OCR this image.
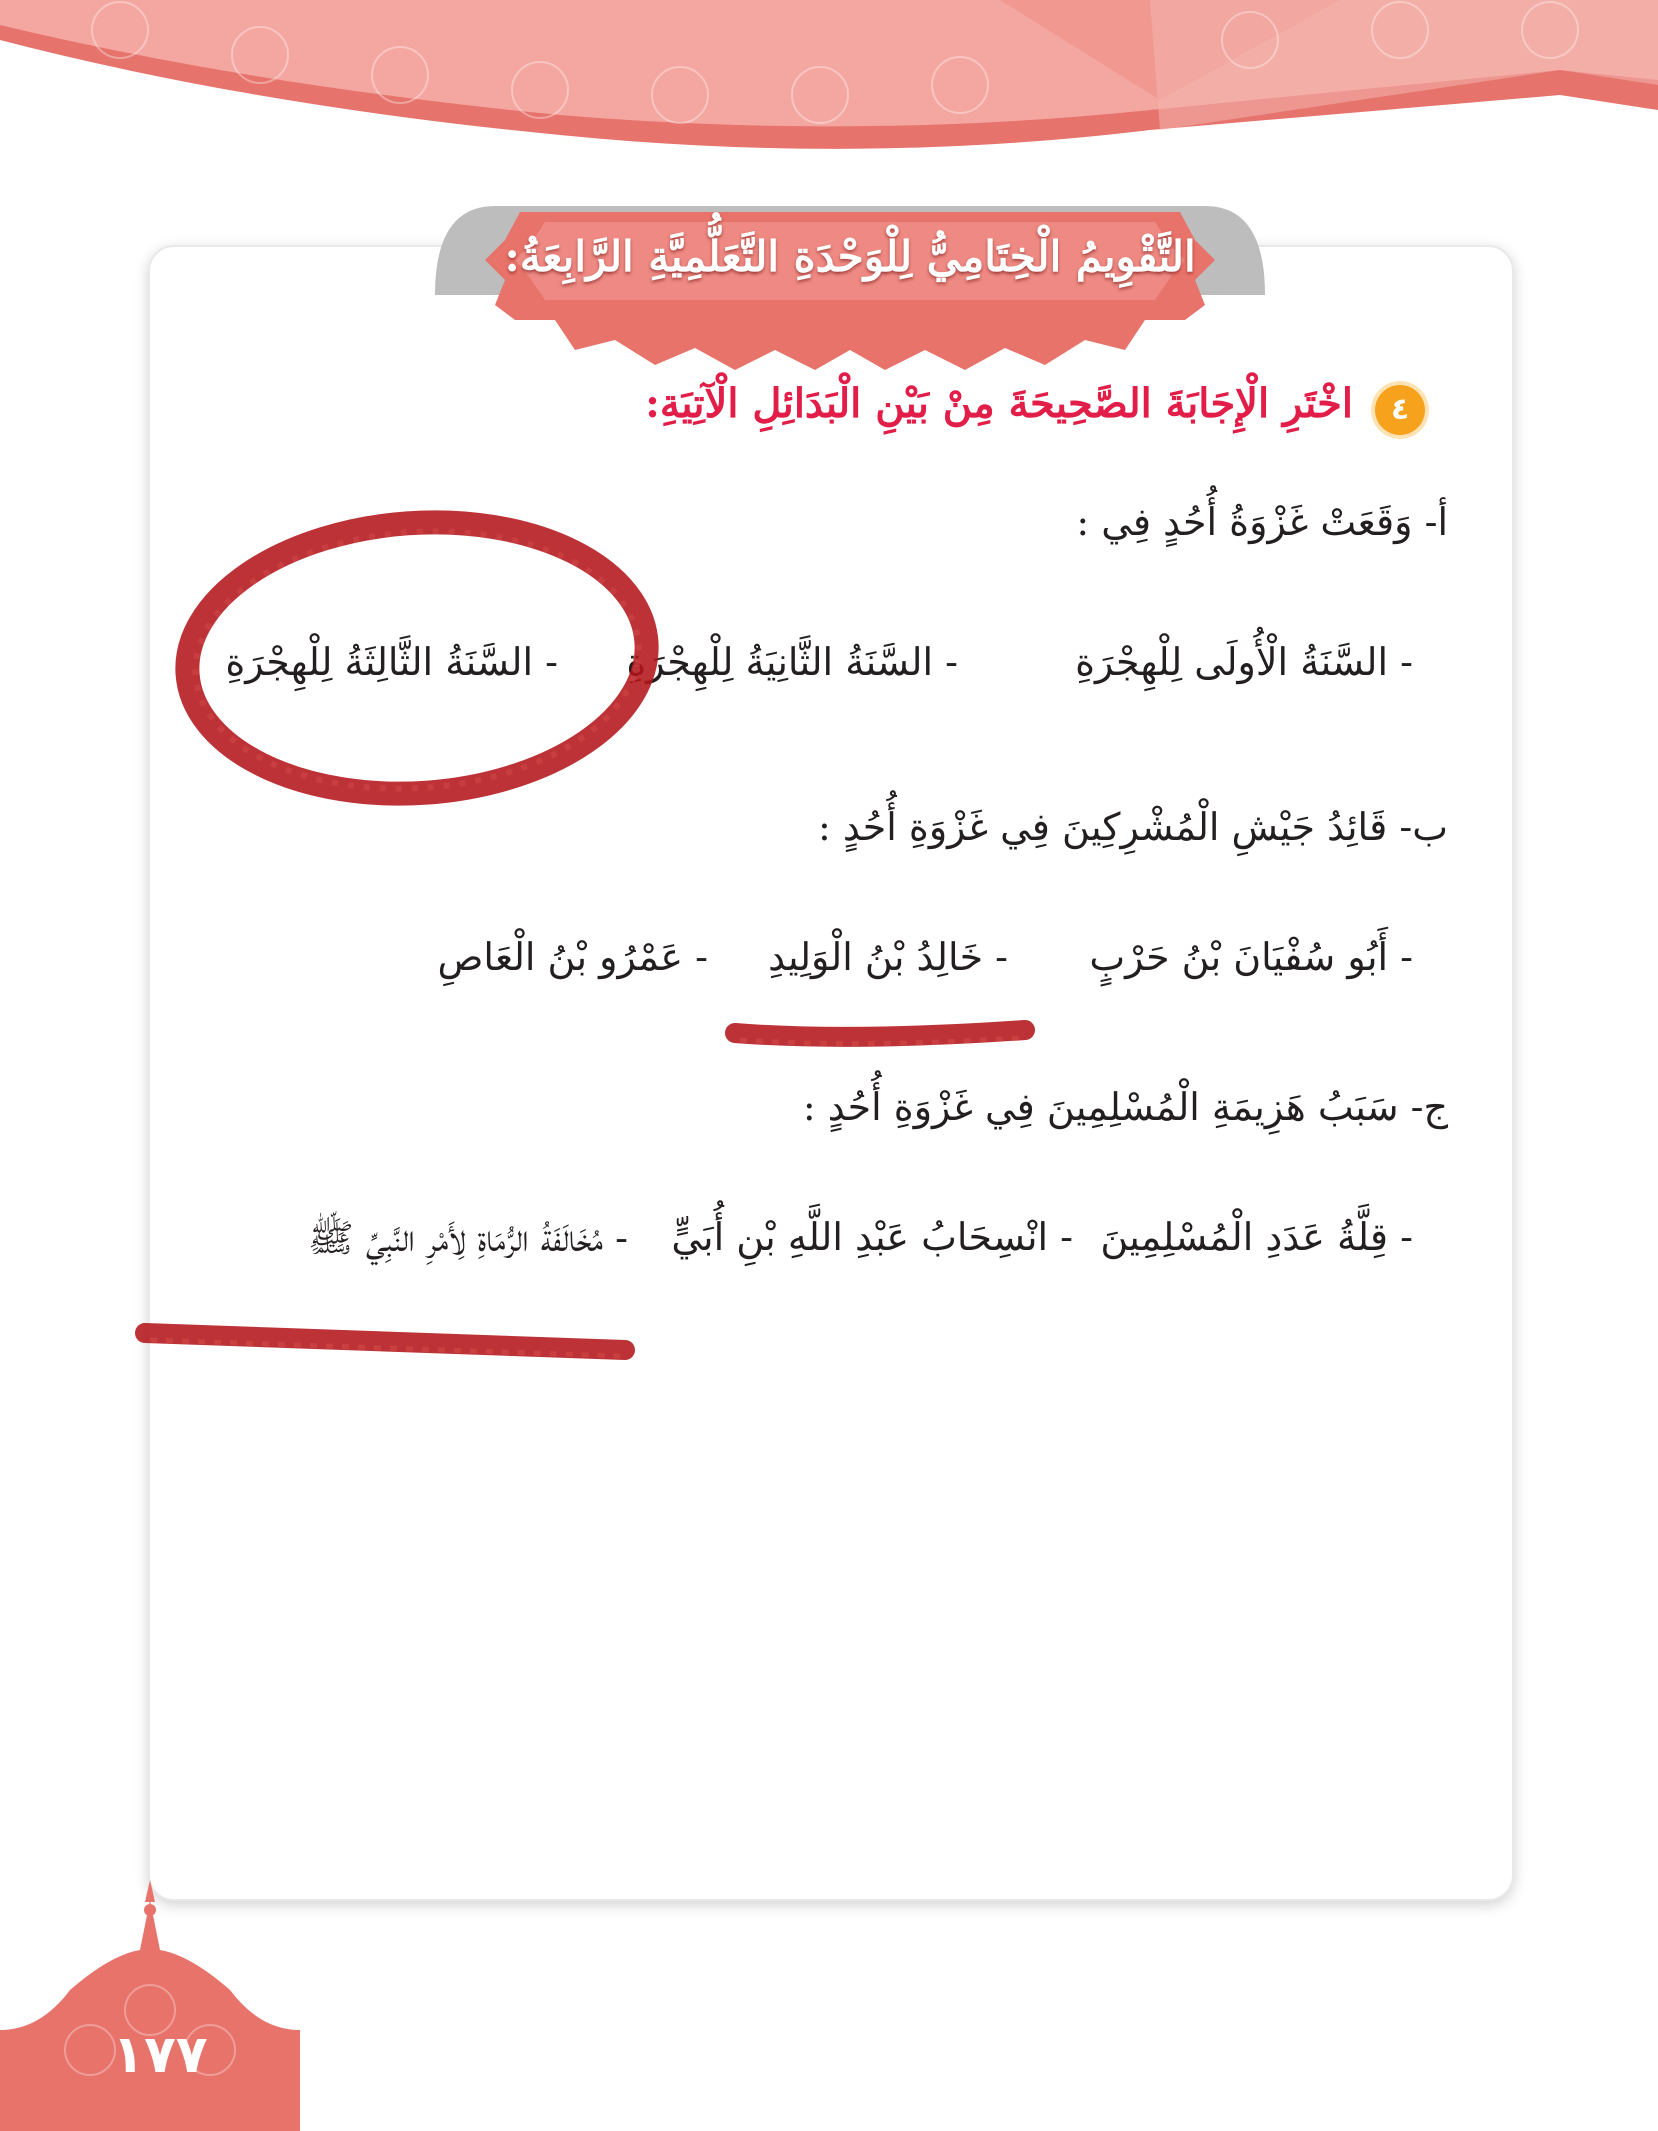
التَّقْوِيمُ الْخِتَامِيُّ لِلْوَحْدَةِ التَّعَلُّمِيَّةِ الرَّابِعَةُ:
٤
اخْتَرِ الْإِجَابَةَ الصَّحِيحَةَ مِنْ بَيْنِ الْبَدَائِلِ الْآتِيَةِ:
أ- وَقَعَتْ غَزْوَةُ أُحُدٍ فِي :
- السَّنَةُ الْأُولَى لِلْهِجْرَةِ
- السَّنَةُ الثَّانِيَةُ لِلْهِجْرَةِ
- السَّنَةُ الثَّالِثَةُ لِلْهِجْرَةِ
ب- قَائِدُ جَيْشِ الْمُشْرِكِينَ فِي غَزْوَةِ أُحُدٍ :
- أَبُو سُفْيَانَ بْنُ حَرْبٍ
- خَالِدُ بْنُ الْوَلِيدِ
- عَمْرُو بْنُ الْعَاصِ
ج- سَبَبُ هَزِيمَةِ الْمُسْلِمِينَ فِي غَزْوَةِ أُحُدٍ :
- قِلَّةُ عَدَدِ الْمُسْلِمِينَ
- انْسِحَابُ عَبْدِ اللَّهِ بْنِ أُبَيٍّ
- مُخَالَفَةُ الرُّمَاةِ لِأَمْرِ النَّبِيِّ ﷺ
١٧٧
